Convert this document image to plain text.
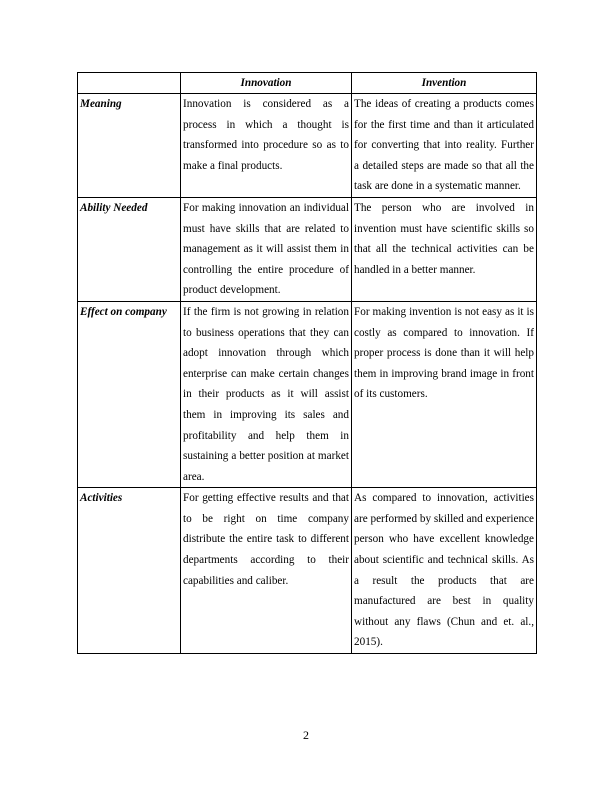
	Innovation	Invention
Meaning	Innovation is considered as a process in which a thought is transformed into procedure so as to make a final products.	The ideas of creating a products comes for the first time and than it articulated for converting that into reality. Further a detailed steps are made so that all the task are done in a systematic manner.
Ability Needed	For making innovation an individual must have skills that are related to management as it will assist them in controlling the entire procedure of product development.	The person who are involved in invention must have scientific skills so that all the technical activities can be handled in a better manner.
Effect on company	If the firm is not growing in relation to business operations that they can adopt innovation through which enterprise can make certain changes in their products as it will assist them in improving its sales and profitability and help them in sustaining a better position at market area.	For making invention is not easy as it is costly as compared to innovation. If proper process is done than it will help them in improving brand image in front of its customers.
Activities	For getting effective results and that to be right on time company distribute the entire task to different departments according to their capabilities and caliber.	As compared to innovation, activities are performed by skilled and experience person who have excellent knowledge about scientific and technical skills. As a result the products that are manufactured are best in quality without any flaws (Chun and et. al., 2015).
2
